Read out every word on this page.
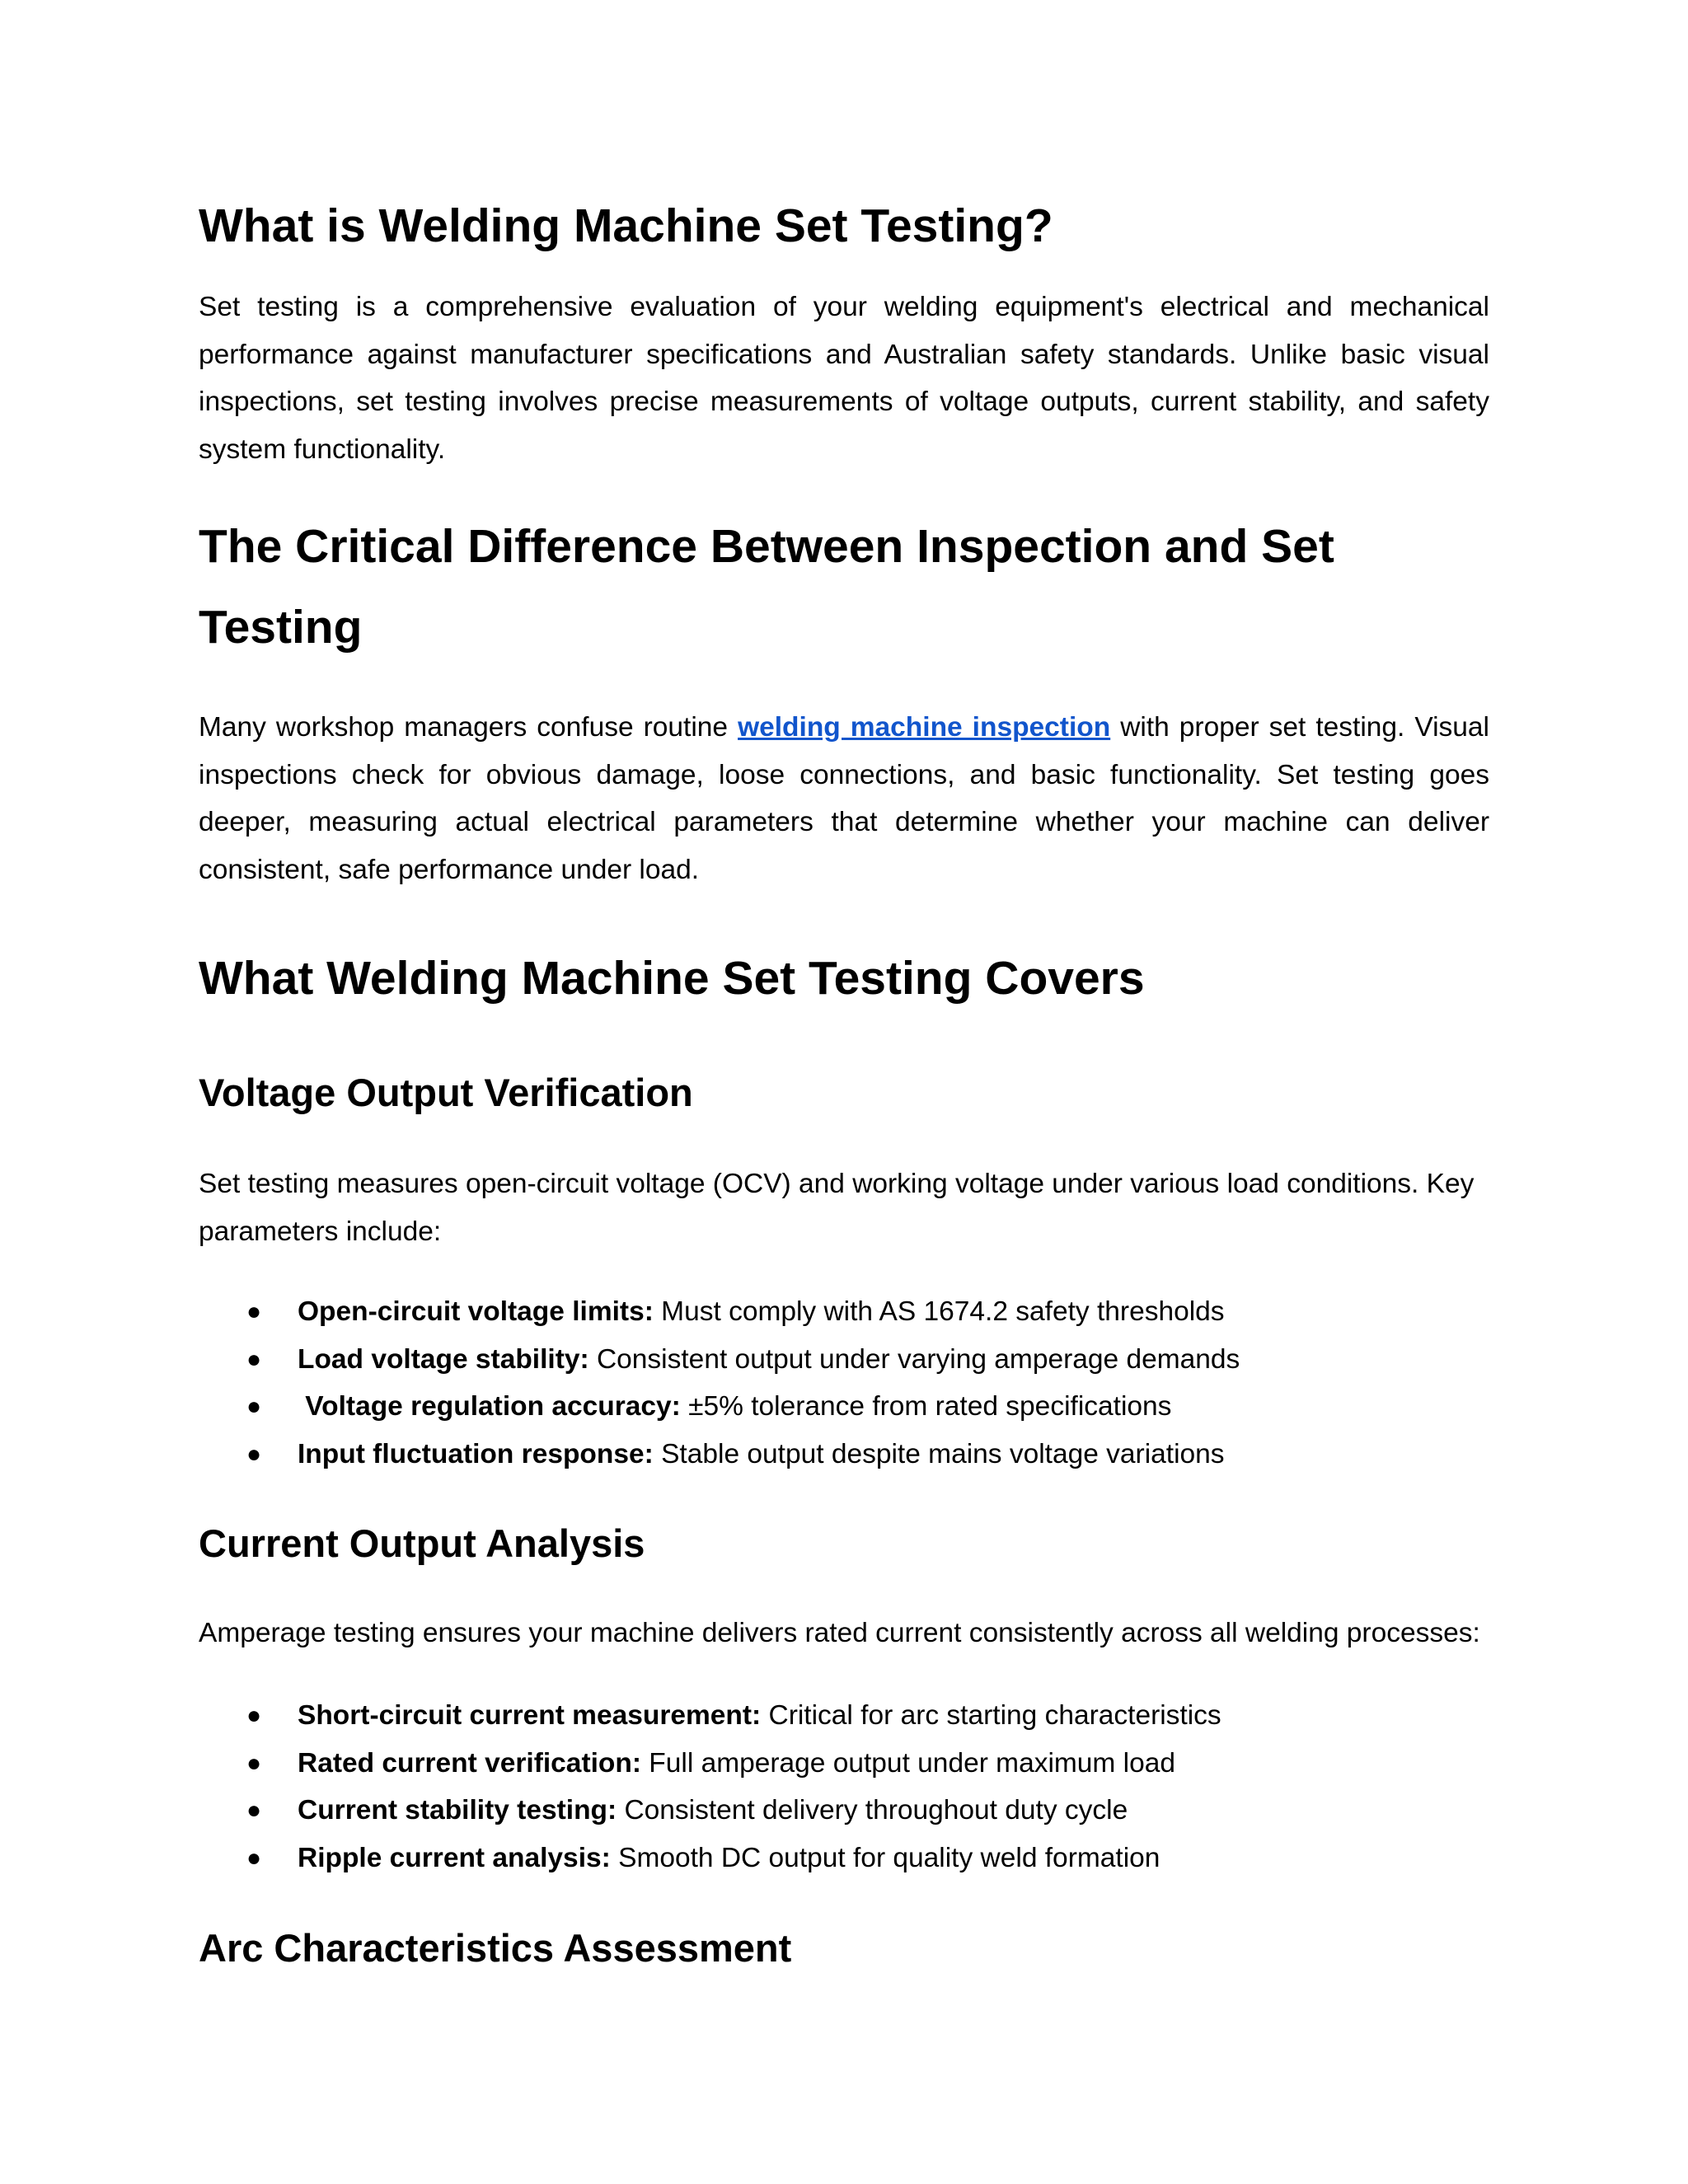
What is Welding Machine Set Testing?

Set testing is a comprehensive evaluation of your welding equipment's electrical and mechanical performance against manufacturer specifications and Australian safety standards. Unlike basic visual inspections, set testing involves precise measurements of voltage outputs, current stability, and safety system functionality.

The Critical Difference Between Inspection and Set
Testing

Many workshop managers confuse routine welding machine inspection with proper set testing. Visual inspections check for obvious damage, loose connections, and basic functionality. Set testing goes deeper, measuring actual electrical parameters that determine whether your machine can deliver consistent, safe performance under load.

What Welding Machine Set Testing Covers
Voltage Output Verification

Set testing measures open-circuit voltage (OCV) and working voltage under various load conditions. Key parameters include:

● Open-circuit voltage limits: Must comply with AS 1674.2 safety thresholds
● Load voltage stability: Consistent output under varying amperage demands
● Voltage regulation accuracy: ±5% tolerance from rated specifications
● Input fluctuation response: Stable output despite mains voltage variations
Current Output Analysis

Amperage testing ensures your machine delivers rated current consistently across all welding processes:

● Short-circuit current measurement: Critical for arc starting characteristics
● Rated current verification: Full amperage output under maximum load
● Current stability testing: Consistent delivery throughout duty cycle
● Ripple current analysis: Smooth DC output for quality weld formation
Arc Characteristics Assessment
